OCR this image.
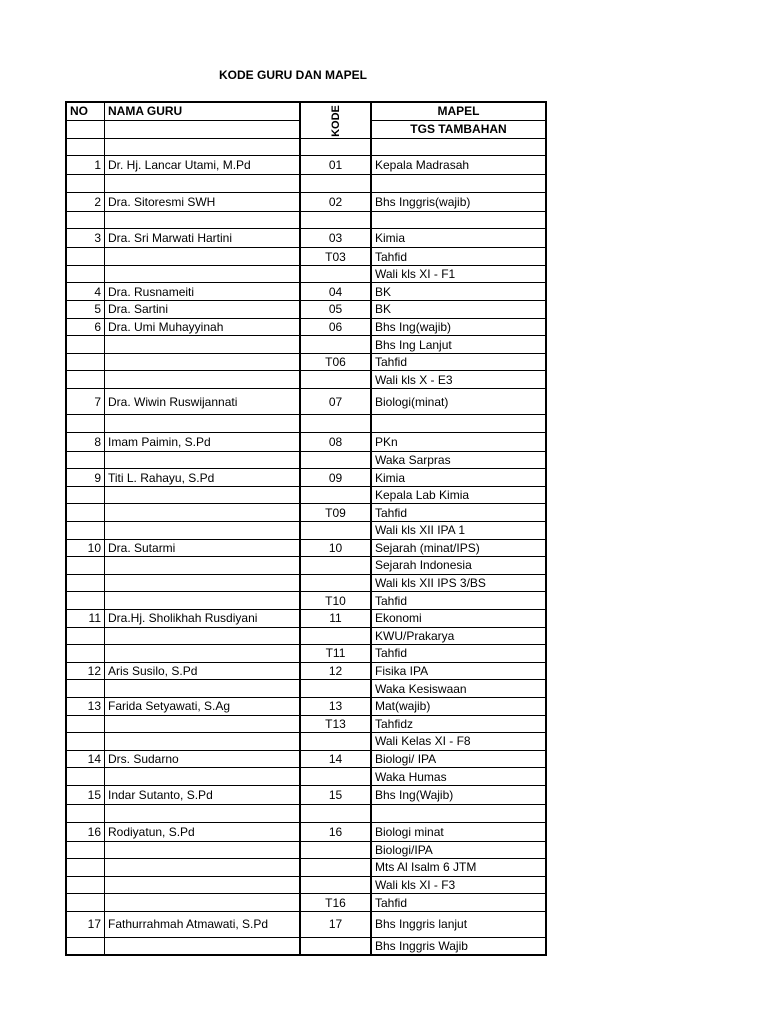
KODE GURU DAN MAPEL
NO	NAMA GURU	KODE	MAPEL
			TGS TAMBAHAN

1	Dr. Hj. Lancar Utami, M.Pd	01	Kepala Madrasah

2	Dra. Sitoresmi SWH	02	Bhs Inggris(wajib)

3	Dra. Sri Marwati Hartini	03	Kimia
		T03	Tahfid
			Wali kls XI - F1
4	Dra. Rusnameiti	04	BK
5	Dra. Sartini	05	BK
6	Dra. Umi Muhayyinah	06	Bhs Ing(wajib)
			Bhs Ing Lanjut
		T06	Tahfid
			Wali kls X - E3
7	Dra. Wiwin Ruswijannati	07	Biologi(minat)

8	Imam Paimin, S.Pd	08	PKn
			Waka Sarpras
9	Titi L. Rahayu, S.Pd	09	Kimia
			Kepala Lab Kimia
		T09	Tahfid
			Wali kls XII IPA 1
10	Dra. Sutarmi	10	Sejarah (minat/IPS)
			Sejarah Indonesia
			Wali kls XII IPS 3/BS
		T10	Tahfid
11	Dra.Hj. Sholikhah Rusdiyani	11	Ekonomi
			KWU/Prakarya
		T11	Tahfid
12	Aris Susilo, S.Pd	12	Fisika IPA
			Waka Kesiswaan
13	Farida Setyawati, S.Ag	13	Mat(wajib)
		T13	Tahfidz
			Wali Kelas XI - F8
14	Drs. Sudarno	14	Biologi/ IPA
			Waka Humas
15	Indar Sutanto, S.Pd	15	Bhs Ing(Wajib)

16	Rodiyatun, S.Pd	16	Biologi minat
			Biologi/IPA
			Mts Al Isalm 6 JTM
			Wali kls XI - F3
		T16	Tahfid
17	Fathurrahmah Atmawati, S.Pd	17	Bhs Inggris lanjut
			Bhs Inggris Wajib
